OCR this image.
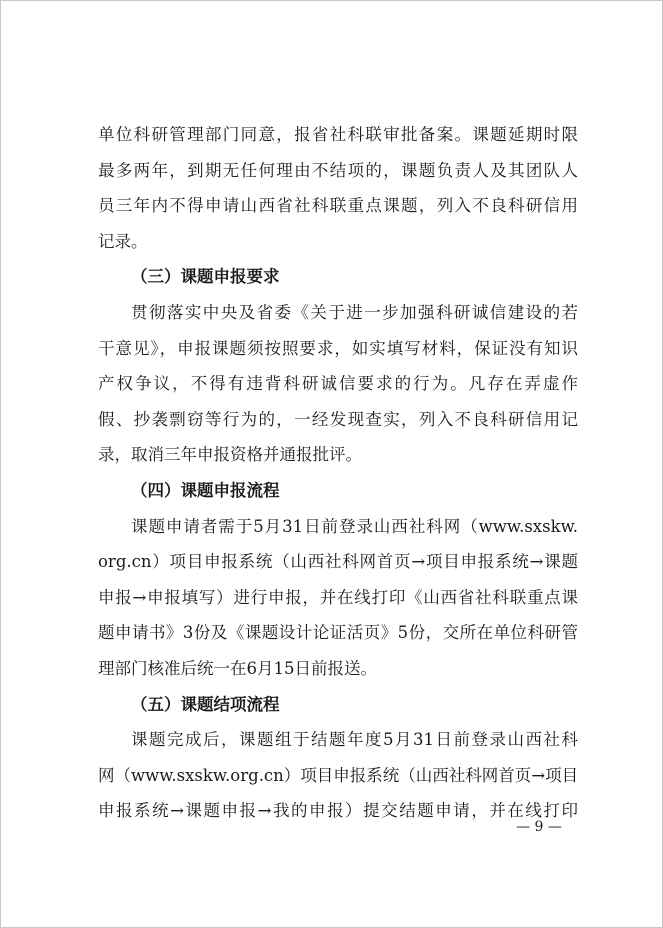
单位科研管理部门同意，报省社科联审批备案。课题延期时限
最多两年，到期无任何理由不结项的，课题负责人及其团队人
员三年内不得申请山西省社科联重点课题，列入不良科研信用
记录。
（三）课题申报要求
贯彻落实中央及省委《关于进一步加强科研诚信建设的若
干意见》，申报课题须按照要求，如实填写材料，保证没有知识
产权争议，不得有违背科研诚信要求的行为。凡存在弄虚作
假、抄袭剽窃等行为的，一经发现查实，列入不良科研信用记
录，取消三年申报资格并通报批评。
（四）课题申报流程
课题申请者需于5月31日前登录山西社科网（www.sxskw.
org.cn）项目申报系统（山西社科网首页→项目申报系统→课题
申报→申报填写）进行申报，并在线打印《山西省社科联重点课
题申请书》3份及《课题设计论证活页》5份，交所在单位科研管
理部门核准后统一在6月15日前报送。
（五）课题结项流程
课题完成后，课题组于结题年度5月31日前登录山西社科
网（www.sxskw.org.cn）项目申报系统（山西社科网首页→项目
申报系统→课题申报→我的申报）提交结题申请，并在线打印
— 9 —
